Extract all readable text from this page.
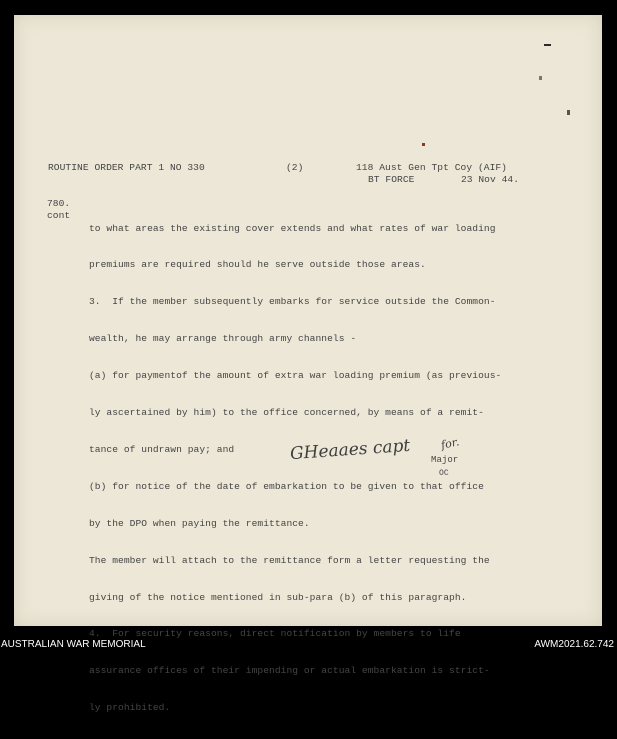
ROUTINE ORDER PART 1 NO 330	(2)	118 Aust Gen Tpt Coy (AIF)
BT FORCE	23 Nov 44.
780.
cont

to what areas the existing cover extends and what rates of war loading

premiums are required should he serve outside those areas.

3.  If the member subsequently embarks for service outside the Common-

wealth, he may arrange through army channels -

(a) for paymentof the amount of extra war loading premium (as previous-

ly ascertained by him) to the office concerned, by means of a remit-

tance of undrawn pay; and

(b) for notice of the date of embarkation to be given to that office

by the DPO when paying the remittance.

The member will attach to the remittance form a letter requesting the

giving of the notice mentioned in sub-para (b) of this paragraph.

4.  For security reasons, direct notification by members to life

assurance offices of their impending or actual embarkation is strict-

ly prohibited.

GHeaaes capt	for.
Major
OC
AUSTRALIAN WAR MEMORIAL	AWM2021.62.742
